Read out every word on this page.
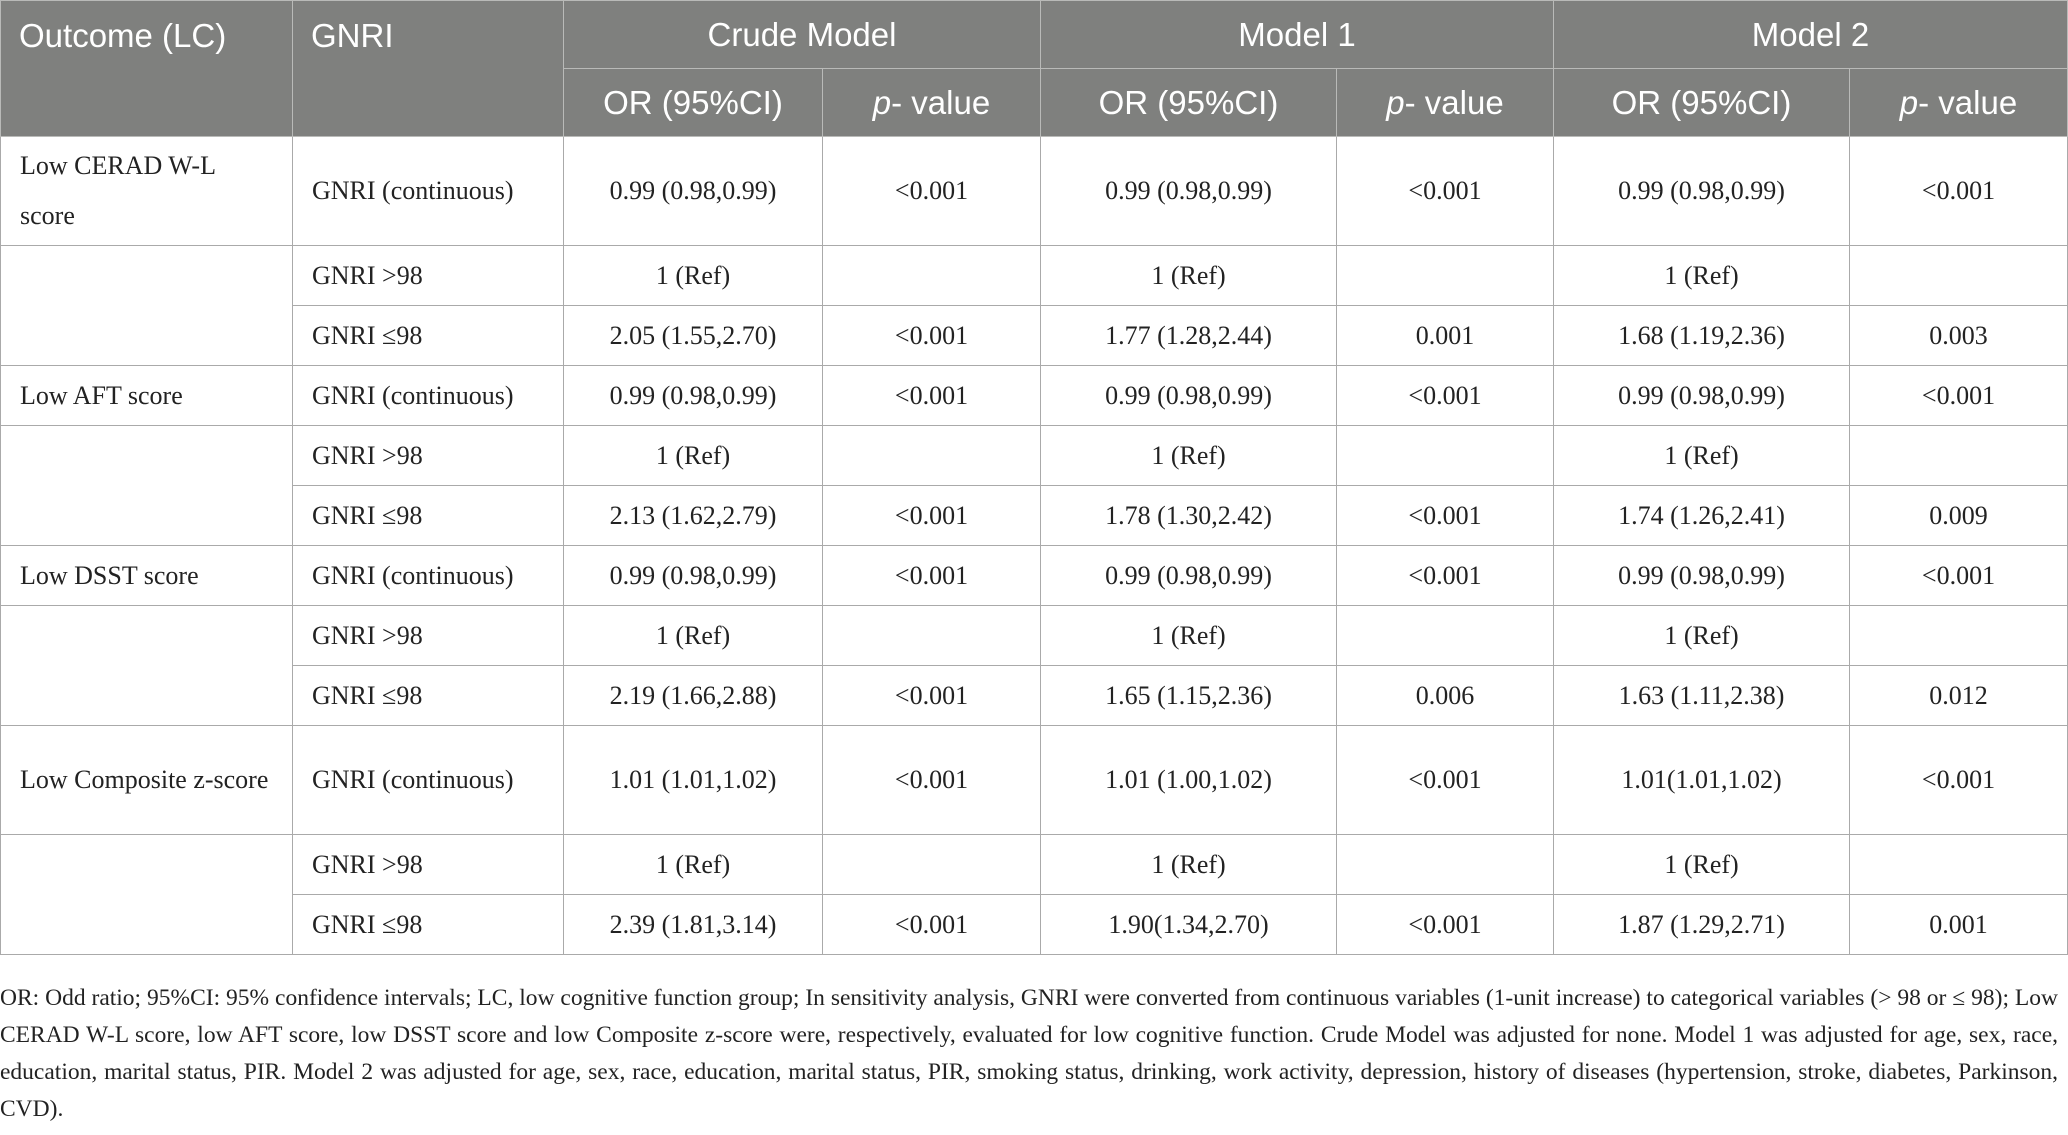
Outcome (LC)	GNRI	Crude Model		Model 1		Model 2	
		OR (95%CI)	p- value	OR (95%CI)	p- value	OR (95%CI)	p- value
Low CERAD W-L score	GNRI (continuous)	0.99 (0.98,0.99)	<0.001	0.99 (0.98,0.99)	<0.001	0.99 (0.98,0.99)	<0.001
	GNRI >98	1 (Ref)		1 (Ref)		1 (Ref)	
	GNRI ≤98	2.05 (1.55,2.70)	<0.001	1.77 (1.28,2.44)	0.001	1.68 (1.19,2.36)	0.003
Low AFT score	GNRI (continuous)	0.99 (0.98,0.99)	<0.001	0.99 (0.98,0.99)	<0.001	0.99 (0.98,0.99)	<0.001
	GNRI >98	1 (Ref)		1 (Ref)		1 (Ref)	
	GNRI ≤98	2.13 (1.62,2.79)	<0.001	1.78 (1.30,2.42)	<0.001	1.74 (1.26,2.41)	0.009
Low DSST score	GNRI (continuous)	0.99 (0.98,0.99)	<0.001	0.99 (0.98,0.99)	<0.001	0.99 (0.98,0.99)	<0.001
	GNRI >98	1 (Ref)		1 (Ref)		1 (Ref)	
	GNRI ≤98	2.19 (1.66,2.88)	<0.001	1.65 (1.15,2.36)	0.006	1.63 (1.11,2.38)	0.012
Low Composite z-score	GNRI (continuous)	1.01 (1.01,1.02)	<0.001	1.01 (1.00,1.02)	<0.001	1.01(1.01,1.02)	<0.001
	GNRI >98	1 (Ref)		1 (Ref)		1 (Ref)	
	GNRI ≤98	2.39 (1.81,3.14)	<0.001	1.90(1.34,2.70)	<0.001	1.87 (1.29,2.71)	0.001
OR: Odd ratio; 95%CI: 95% confidence intervals; LC, low cognitive function group; In sensitivity analysis, GNRI were converted from continuous variables (1-unit increase) to categorical variables (> 98 or ≤ 98); Low CERAD W-L score, low AFT score, low DSST score and low Composite z-score were, respectively, evaluated for low cognitive function. Crude Model was adjusted for none. Model 1 was adjusted for age, sex, race, education, marital status, PIR. Model 2 was adjusted for age, sex, race, education, marital status, PIR, smoking status, drinking, work activity, depression, history of diseases (hypertension, stroke, diabetes, Parkinson, CVD).
